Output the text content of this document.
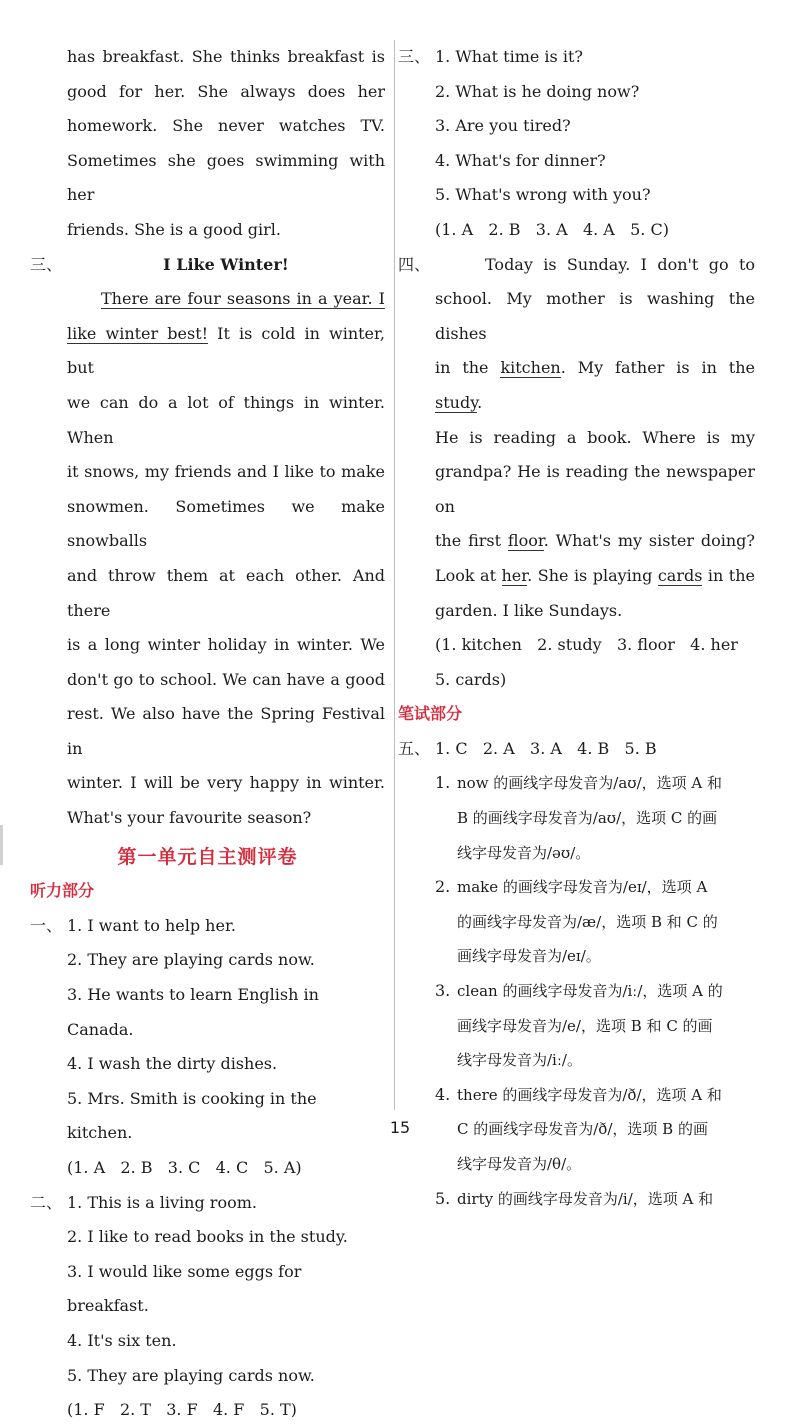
has breakfast. She thinks breakfast is
good for her. She always does her
homework. She never watches TV.
Sometimes she goes swimming with her
friends. She is a good girl.
三、	I Like Winter!
There are four seasons in a year. I
like winter best! It is cold in winter, but
we can do a lot of things in winter. When
it snows, my friends and I like to make
snowmen. Sometimes we make snowballs
and throw them at each other. And there
is a long winter holiday in winter. We
don't go to school. We can have a good
rest. We also have the Spring Festival in
winter. I will be very happy in winter.
What's your favourite season?
第一单元自主测评卷
听力部分
一、 1. I want to help her.
2. They are playing cards now.
3. He wants to learn English in Canada.
4. I wash the dirty dishes.
5. Mrs. Smith is cooking in the kitchen.
(1. A   2. B   3. C   4. C   5. A)
二、 1. This is a living room.
2. I like to read books in the study.
3. I would like some eggs for breakfast.
4. It's six ten.
5. They are playing cards now.
(1. F   2. T   3. F   4. F   5. T)
三、 1. What time is it?
2. What is he doing now?
3. Are you tired?
4. What's for dinner?
5. What's wrong with you?
(1. A   2. B   3. A   4. A   5. C)
四、	Today is Sunday. I don't go to
school. My mother is washing the dishes
in the kitchen. My father is in the study.
He is reading a book. Where is my
grandpa? He is reading the newspaper on
the first floor. What's my sister doing?
Look at her. She is playing cards in the
garden. I like Sundays.
(1. kitchen   2. study   3. floor   4. her
5. cards)
笔试部分
五、 1. C   2. A   3. A   4. B   5. B
1. now 的画线字母发音为/aʊ/，选项 A 和
B 的画线字母发音为/aʊ/，选项 C 的画
线字母发音为/əʊ/。
2. make 的画线字母发音为/eɪ/，选项 A
的画线字母发音为/æ/，选项 B 和 C 的
画线字母发音为/eɪ/。
3. clean 的画线字母发音为/iː/，选项 A 的
画线字母发音为/e/，选项 B 和 C 的画
线字母发音为/iː/。
4. there 的画线字母发音为/ð/，选项 A 和
C 的画线字母发音为/ð/，选项 B 的画
线字母发音为/θ/。
5. dirty 的画线字母发音为/i/，选项 A 和
15
